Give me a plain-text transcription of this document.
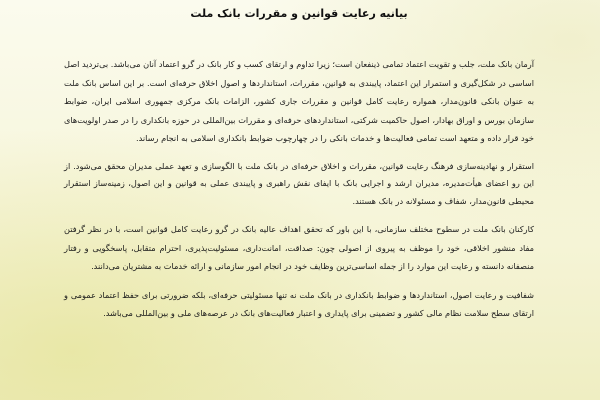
بیانیه رعایت قوانین و مقررات بانک ملت

آرمان بانک ملت، جلب و تقویت اعتماد تمامی ذینفعان است؛ زیرا تداوم و ارتقای کسب و کار بانک در گرو اعتماد آنان می‌باشد. بی‌تردید اصل اساسی در شکل‌گیری و استمرار این اعتماد، پایبندی به قوانین، مقررات، استانداردها و اصول اخلاق حرفه‌ای است. بر این اساس بانک ملت به عنوان بانکی قانون‌مدار، همواره رعایت کامل قوانین و مقررات جاری کشور، الزامات بانک مرکزی جمهوری اسلامی ایران، ضوابط سازمان بورس و اوراق بهادار، اصول حاکمیت شرکتی، استانداردهای حرفه‌ای و مقررات بین‌المللی در حوزه بانکداری را در صدر اولویت‌های خود قرار داده و متعهد است تمامی فعالیت‌ها و خدمات بانکی را در چهارچوب ضوابط بانکداری اسلامی به انجام رساند.

استقرار و نهادینه‌سازی فرهنگ رعایت قوانین، مقررات و اخلاق حرفه‌ای در بانک ملت با الگوسازی و تعهد عملی مدیران محقق می‌شود. از این رو اعضای هیأت‌مدیره، مدیران ارشد و اجرایی بانک با ایفای نقش راهبری و پایبندی عملی به قوانین و این اصول، زمینه‌ساز استقرار محیطی قانون‌مدار، شفاف و مسئولانه در بانک هستند.

کارکنان بانک ملت در سطوح مختلف سازمانی، با این باور که تحقق اهداف عالیه بانک در گرو رعایت کامل قوانین است، با در نظر گرفتن مفاد منشور اخلاقی، خود را موظف به پیروی از اصولی چون: صداقت، امانت‌داری، مسئولیت‌پذیری، احترام متقابل، پاسخگویی و رفتار منصفانه دانسته و رعایت این موارد را از جمله اساسی‌ترین وظایف خود در انجام امور سازمانی و ارائه خدمات به مشتریان می‌دانند.

شفافیت و رعایت اصول، استانداردها و ضوابط بانکداری در بانک ملت نه تنها مسئولیتی حرفه‌ای، بلکه ضرورتی برای حفظ اعتماد عمومی و ارتقای سطح سلامت نظام مالی کشور و تضمینی برای پایداری و اعتبار فعالیت‌های بانک در عرصه‌های ملی و بین‌المللی می‌باشد.
